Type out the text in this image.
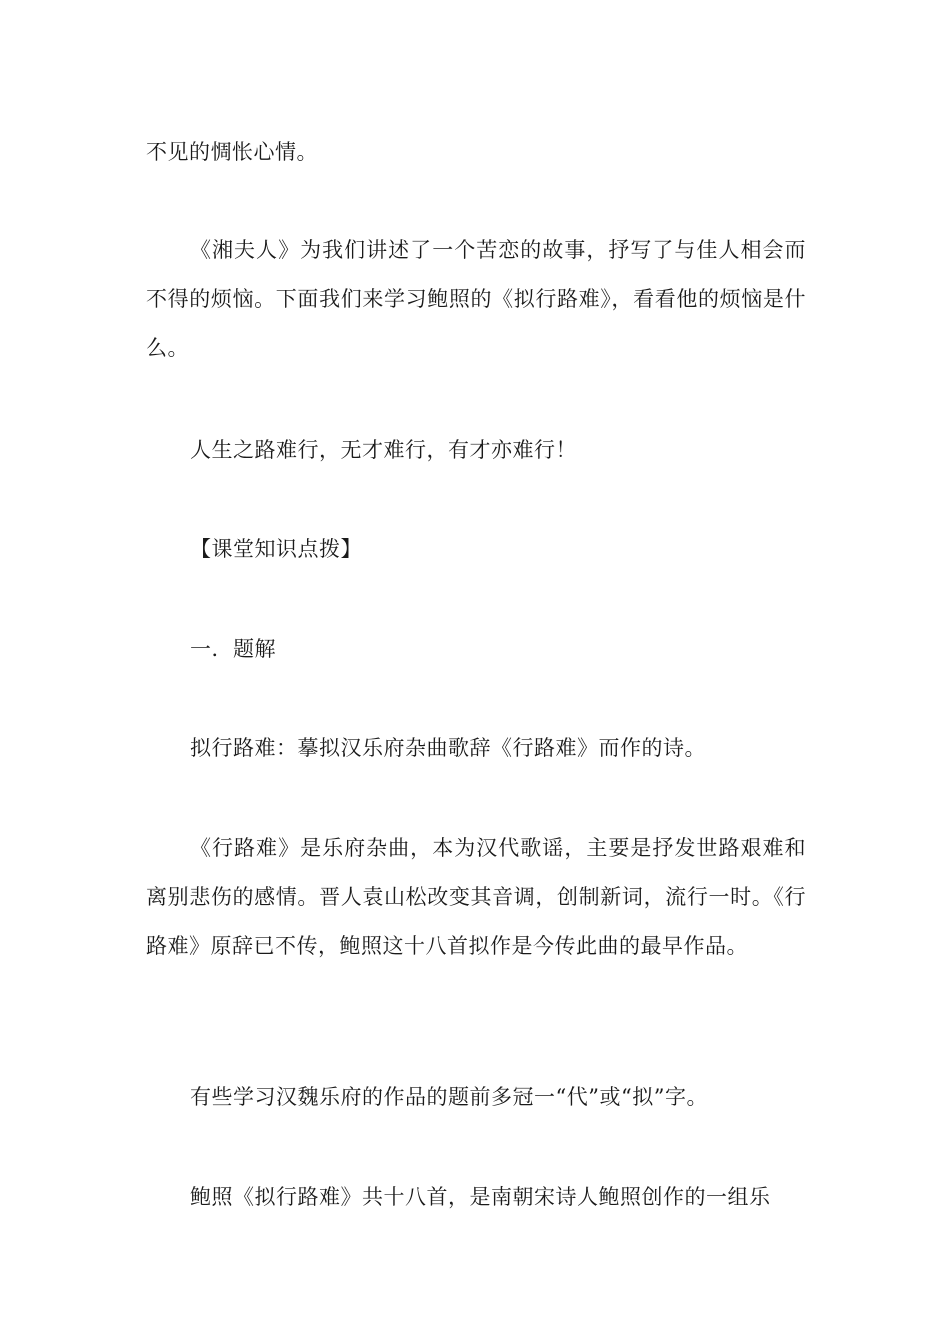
不见的惆怅心情。

《湘夫人》为我们讲述了一个苦恋的故事，抒写了与佳人相会而不得的烦恼。下面我们来学习鲍照的《拟行路难》，看看他的烦恼是什么。

人生之路难行，无才难行，有才亦难行！

【课堂知识点拨】

一．题解

拟行路难：摹拟汉乐府杂曲歌辞《行路难》而作的诗。

《行路难》是乐府杂曲，本为汉代歌谣，主要是抒发世路艰难和离别悲伤的感情。晋人袁山松改变其音调，创制新词，流行一时。《行路难》原辞已不传，鲍照这十八首拟作是今传此曲的最早作品。

有些学习汉魏乐府的作品的题前多冠一“代”或“拟”字。

鲍照《拟行路难》共十八首，是南朝宋诗人鲍照创作的一组乐
